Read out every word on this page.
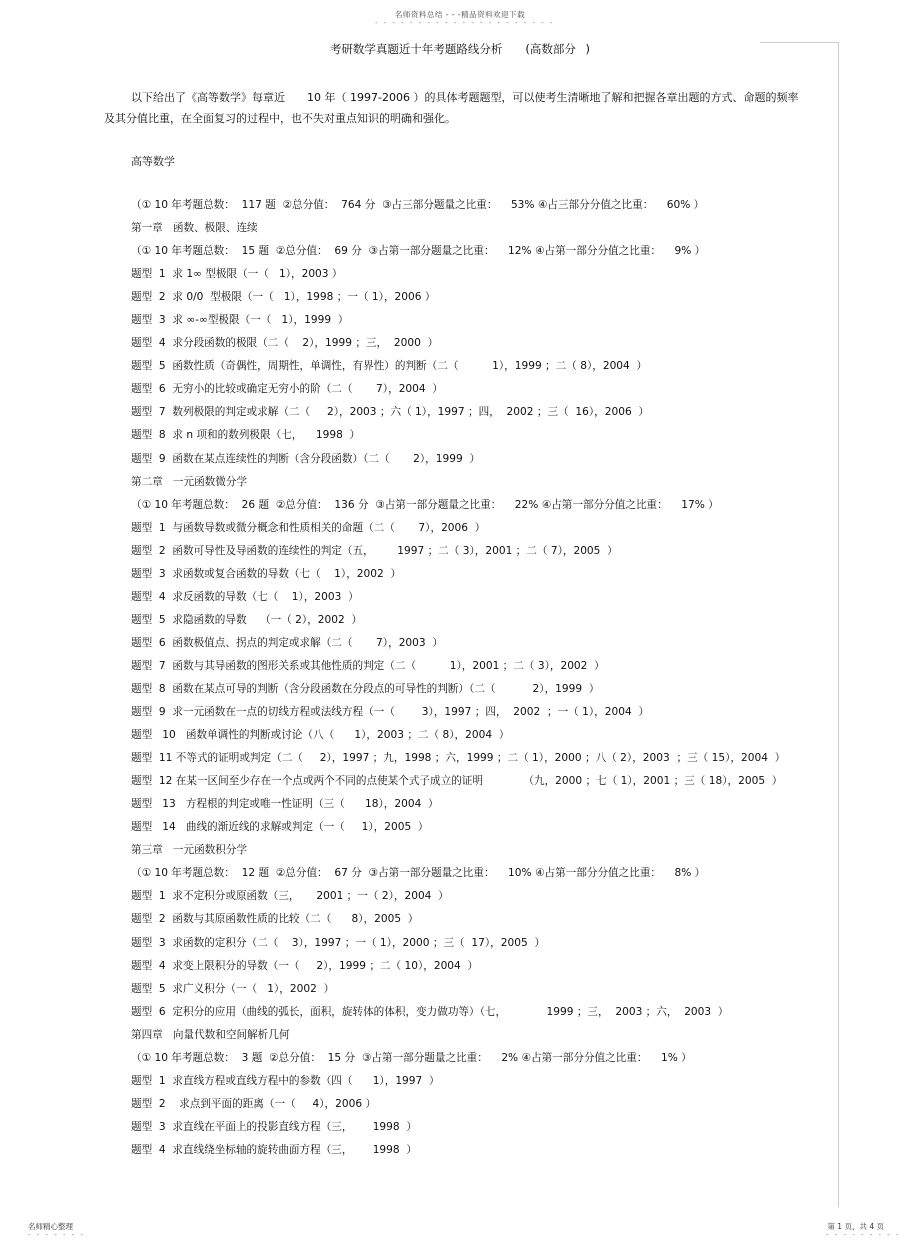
名师资料总结 - - -精品资料欢迎下载
- - - - - - - - - - - - - - - - - - - - -
考研数学真题近十年考题路线分析　　(高数部分 )
以下给出了《高等数学》每章近　　10 年（ 1997-2006 ）的具体考题题型，可以使考生清晰地了解和把握各章出题的方式、命题的频率及其分值比重，在全面复习的过程中，也不失对重点知识的明确和强化。
高等数学
（① 10 年考题总数：  117 题  ②总分值：  764 分  ③占三部分题量之比重：    53% ④占三部分分值之比重：    60% ）
第一章   函数、极限、连续
（① 10 年考题总数：  15 题  ②总分值：  69 分  ③占第一部分题量之比重：    12% ④占第一部分分值之比重：    9% ）
题型  1  求 1∞ 型极限（一（   1），2003 ）
题型  2  求 0/0  型极限（一（   1），1998 ；一（ 1），2006 ）
题型  3  求 ∞-∞型极限（一（   1），1999  ）
题型  4  求分段函数的极限（二（    2），1999 ；三，  2000  ）
题型  5  函数性质（奇偶性，周期性，单调性，有界性）的判断（二（          1），1999 ；二（ 8），2004  ）
题型  6  无穷小的比较或确定无穷小的阶（二（       7），2004  ）
题型  7  数列极限的判定或求解（二（     2），2003 ；六（ 1），1997 ；四，  2002 ；三（  16），2006  ）
题型  8  求 n 项和的数列极限（七，    1998  ）
题型  9  函数在某点连续性的判断（含分段函数）（二（       2），1999  ）
第二章   一元函数微分学
（① 10 年考题总数：  26 题  ②总分值：  136 分  ③占第一部分题量之比重：    22% ④占第一部分分值之比重：    17% ）
题型  1  与函数导数或微分概念和性质相关的命题（二（       7），2006  ）
题型  2  函数可导性及导函数的连续性的判定（五，       1997 ；二（ 3），2001 ；二（ 7），2005  ）
题型  3  求函数或复合函数的导数（七（    1），2002  ）
题型  4  求反函数的导数（七（    1），2003  ）
题型  5  求隐函数的导数    （一（ 2），2002  ）
题型  6  函数极值点、拐点的判定或求解（二（       7），2003  ）
题型  7  函数与其导函数的图形关系或其他性质的判定（二（          1），2001 ；二（ 3），2002  ）
题型  8  函数在某点可导的判断（含分段函数在分段点的可导性的判断）（二（           2），1999  ）
题型  9  求一元函数在一点的切线方程或法线方程（一（        3），1997 ；四，  2002  ；一（ 1），2004  ）
题型   10   函数单调性的判断或讨论（八（      1），2003 ；二（ 8），2004  ）
题型  11 不等式的证明或判定（二（     2），1997 ；九，1998 ；六，1999 ；二（ 1），2000 ；八（ 2），2003  ；三（ 15），2004  ）
题型  12 在某一区间至少存在一个点或两个不同的点使某个式子成立的证明            （九，2000 ；七（ 1），2001 ；三（ 18），2005  ）
题型   13   方程根的判定或唯一性证明（三（      18），2004  ）
题型   14   曲线的渐近线的求解或判定（一（     1），2005  ）
第三章   一元函数积分学
（① 10 年考题总数：  12 题  ②总分值：  67 分  ③占第一部分题量之比重：    10% ④占第一部分分值之比重：    8% ）
题型  1  求不定积分或原函数（三，     2001 ；一（ 2），2004  ）
题型  2  函数与其原函数性质的比较（二（      8），2005  ）
题型  3  求函数的定积分（二（    3），1997 ；一（ 1），2000 ；三（  17），2005  ）
题型  4  求变上限积分的导数（一（     2），1999 ；二（ 10），2004  ）
题型  5  求广义积分（一（   1），2002  ）
题型  6  定积分的应用（曲线的弧长，面积，旋转体的体积，变力做功等）（七，            1999 ；三，  2003 ；六，  2003  ）
第四章   向量代数和空间解析几何
（① 10 年考题总数：  3 题  ②总分值：  15 分  ③占第一部分题量之比重：    2% ④占第一部分分值之比重：    1% ）
题型  1  求直线方程或直线方程中的参数（四（      1），1997  ）
题型  2    求点到平面的距离（一（     4），2006 ）
题型  3  求直线在平面上的投影直线方程（三，      1998  ）
题型  4  求直线绕坐标轴的旋转曲面方程（三，      1998  ）
名师精心整理
- - - - - - -
第 1 页，共 4 页
- - - - - - - - -
